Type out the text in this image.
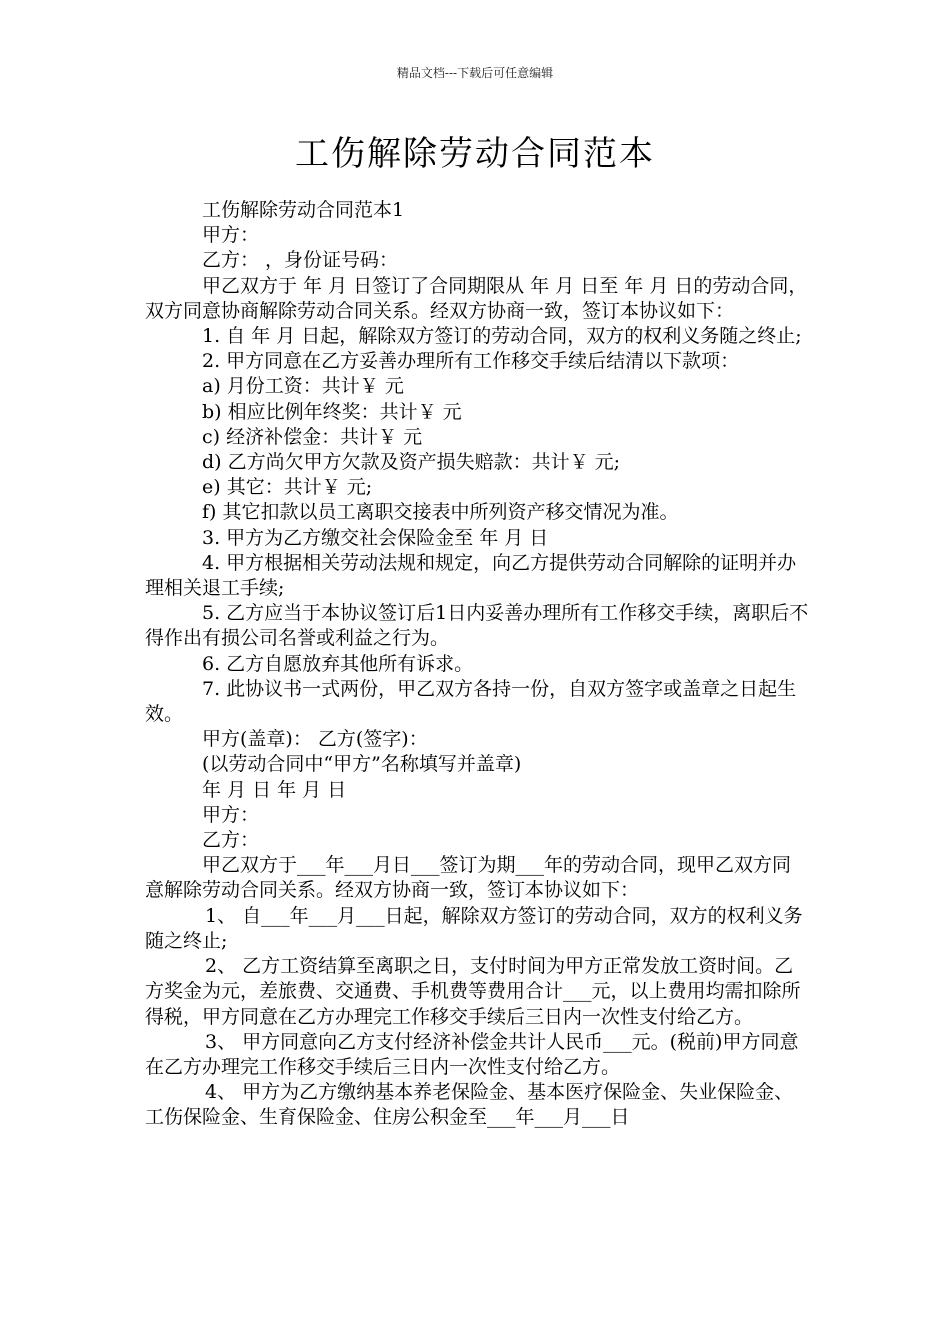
精品文档---下载后可任意编辑
工伤解除劳动合同范本

工伤解除劳动合同范本1

甲方：

乙方： ，身份证号码：

甲乙双方于 年 月 日签订了合同期限从 年 月 日至 年 月 日的劳动合同，双方同意协商解除劳动合同关系。经双方协商一致，签订本协议如下：

1. 自 年 月 日起，解除双方签订的劳动合同，双方的权利义务随之终止;

2. 甲方同意在乙方妥善办理所有工作移交手续后结清以下款项：

a) 月份工资：共计￥ 元

b) 相应比例年终奖：共计￥ 元

c) 经济补偿金：共计￥ 元

d) 乙方尚欠甲方欠款及资产损失赔款：共计￥ 元;

e) 其它：共计￥ 元;

f) 其它扣款以员工离职交接表中所列资产移交情况为准。

3. 甲方为乙方缴交社会保险金至 年 月 日

4. 甲方根据相关劳动法规和规定，向乙方提供劳动合同解除的证明并办理相关退工手续;

5. 乙方应当于本协议签订后1日内妥善办理所有工作移交手续，离职后不得作出有损公司名誉或利益之行为。

6. 乙方自愿放弃其他所有诉求。

7. 此协议书一式两份，甲乙双方各持一份，自双方签字或盖章之日起生效。

甲方(盖章)： 乙方(签字)：

(以劳动合同中“甲方”名称填写并盖章)

年 月 日 年 月 日

甲方：

乙方：

甲乙双方于___年___月日___签订为期___年的劳动合同，现甲乙双方同意解除劳动合同关系。经双方协商一致，签订本协议如下：

1、 自___年___月___日起，解除双方签订的劳动合同，双方的权利义务随之终止;

2、 乙方工资结算至离职之日，支付时间为甲方正常发放工资时间。乙方奖金为元，差旅费、交通费、手机费等费用合计___元，以上费用均需扣除所得税，甲方同意在乙方办理完工作移交手续后三日内一次性支付给乙方。

3、 甲方同意向乙方支付经济补偿金共计人民币___元。(税前)甲方同意在乙方办理完工作移交手续后三日内一次性支付给乙方。

4、 甲方为乙方缴纳基本养老保险金、基本医疗保险金、失业保险金、工伤保险金、生育保险金、住房公积金至___年___月___日
